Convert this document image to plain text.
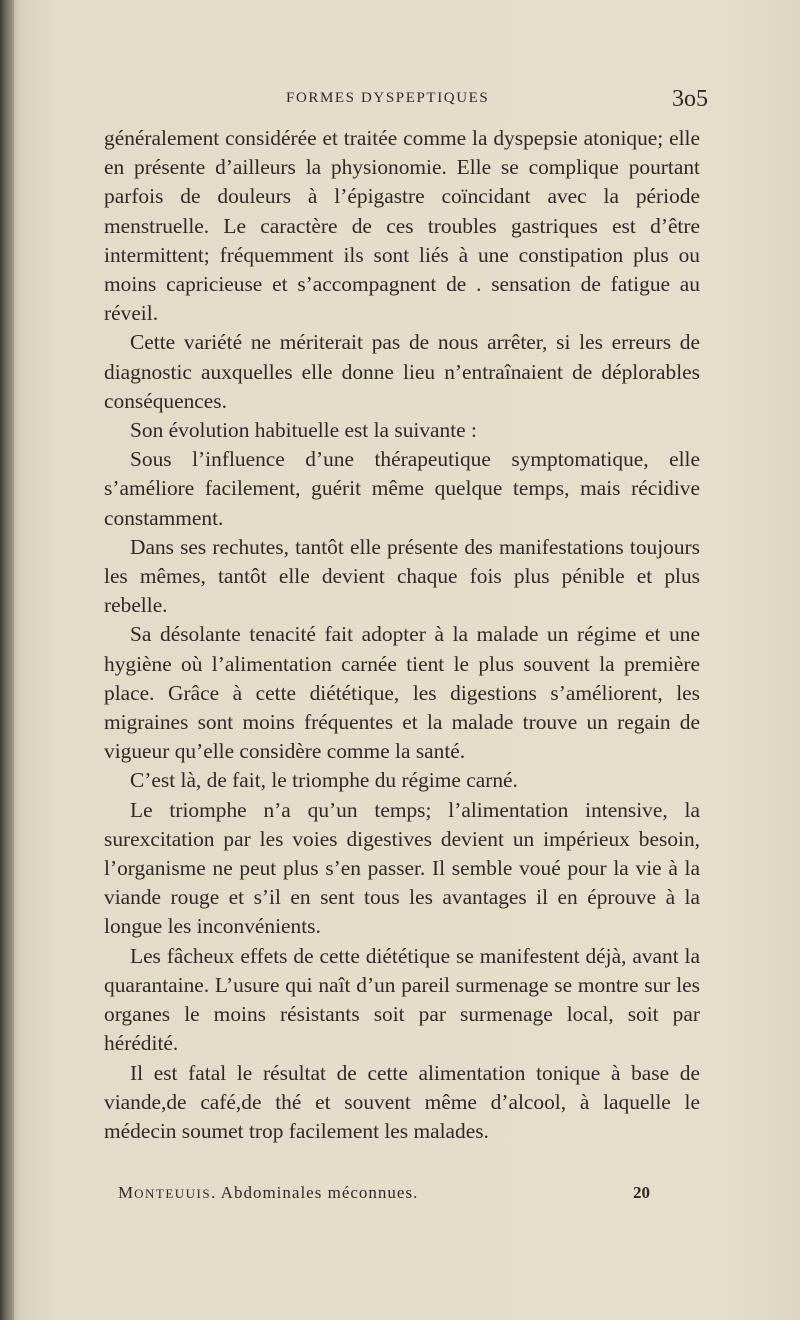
FORMES DYSPEPTIQUES	3o5

généralement considérée et traitée comme la dyspepsie atonique; elle en présente d’ailleurs la physionomie. Elle se complique pourtant parfois de douleurs à l’épigastre coïncidant avec la période menstruelle. Le caractère de ces troubles gastriques est d’être intermittent; fréquemment ils sont liés à une constipation plus ou moins capricieuse et s’accompagnent de . sensation de fatigue au réveil.

Cette variété ne mériterait pas de nous arrêter, si les erreurs de diagnostic auxquelles elle donne lieu n’entraînaient de déplorables conséquences.

Son évolution habituelle est la suivante :

Sous l’influence d’une thérapeutique symptomatique, elle s’améliore facilement, guérit même quelque temps, mais récidive constamment.

Dans ses rechutes, tantôt elle présente des manifestations toujours les mêmes, tantôt elle devient chaque fois plus pénible et plus rebelle.

Sa désolante tenacité fait adopter à la malade un régime et une hygiène où l’alimentation carnée tient le plus souvent la première place. Grâce à cette diététique, les digestions s’améliorent, les migraines sont moins fréquentes et la malade trouve un regain de vigueur qu’elle considère comme la santé.

C’est là, de fait, le triomphe du régime carné.

Le triomphe n’a qu’un temps; l’alimentation intensive, la surexcitation par les voies digestives devient un impérieux besoin, l’organisme ne peut plus s’en passer. Il semble voué pour la vie à la viande rouge et s’il en sent tous les avantages il en éprouve à la longue les inconvénients.

Les fâcheux effets de cette diététique se manifestent déjà, avant la quarantaine. L’usure qui naît d’un pareil surmenage se montre sur les organes le moins résistants soit par surmenage local, soit par hérédité.

Il est fatal le résultat de cette alimentation tonique à base de viande,de café,de thé et souvent même d’alcool, à laquelle le médecin soumet trop facilement les malades.

MONTEUUIS. Abdominales méconnues.	20
